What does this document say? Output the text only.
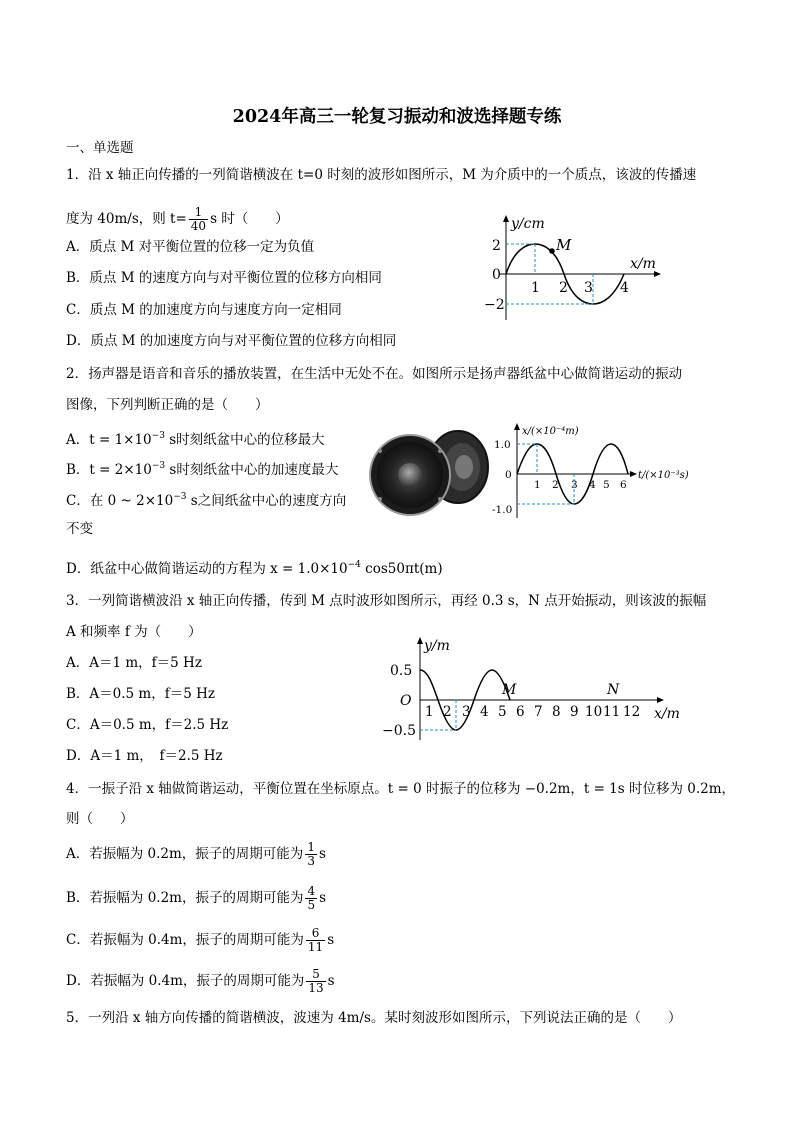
2024年高三一轮复习振动和波选择题专练
一、单选题
1．沿 x 轴正向传播的一列简谐横波在 t=0 时刻的波形如图所示，M 为介质中的一个质点，该波的传播速
度为 40m/s，则 $t= \frac{1}{40}$ s 时（　　）
A．质点 M 对平衡位置的位移一定为负值
B．质点 M 的速度方向与对平衡位置的位移方向相同
C．质点 M 的加速度方向与速度方向一定相同
D．质点 M 的加速度方向与对平衡位置的位移方向相同
M
y/cm
x/m
2
0
−2
1 2 3 4
2．扬声器是语音和音乐的播放装置，在生活中无处不在。如图所示是扬声器纸盆中心做简谐运动的振动
图像，下列判断正确的是（　　）
A．$t = 1\times 10^{-3}$ s时刻纸盆中心的位移最大
B．$t = 2\times 10^{-3}$ s时刻纸盆中心的加速度最大
C．在 0 ~ $2\times 10^{-3}$ s之间纸盆中心的速度方向
不变
D．纸盆中心做简谐运动的方程为 $x = 1.0\times 10^{-4}$ cos50πt(m)
x/(×10⁻⁴m)
t/(×10⁻³s)
1.0
0
-1.0
1 2 3 4 5 6
3．一列简谐横波沿 x 轴正向传播，传到 M 点时波形如图所示，再经 0.3 s，N 点开始振动，则该波的振幅
A 和频率 f 为（　　）
A．A＝1 m，f＝5 Hz
B．A＝0.5 m，f＝5 Hz
C．A＝0.5 m，f＝2.5 Hz
D．A＝1 m，　f＝2.5 Hz
y/m
x/m
0.5
−0.5
O
M	N
1 2 3 4 5 6 7 8 9 10 11 12
4．一振子沿 x 轴做简谐运动，平衡位置在坐标原点。t = 0 时振子的位移为 −0.2m，t = 1s 时位移为 0.2m，
则（　　）
A．若振幅为 0.2m，振子的周期可能为 $\frac{1}{3}$ s
B．若振幅为 0.2m，振子的周期可能为 $\frac{4}{5}$ s
C．若振幅为 0.4m，振子的周期可能为 $\frac{6}{11}$ s
D．若振幅为 0.4m，振子的周期可能为 $\frac{5}{13}$ s
5．一列沿 x 轴方向传播的简谐横波，波速为 4m/s。某时刻波形如图所示，下列说法正确的是（　　）
